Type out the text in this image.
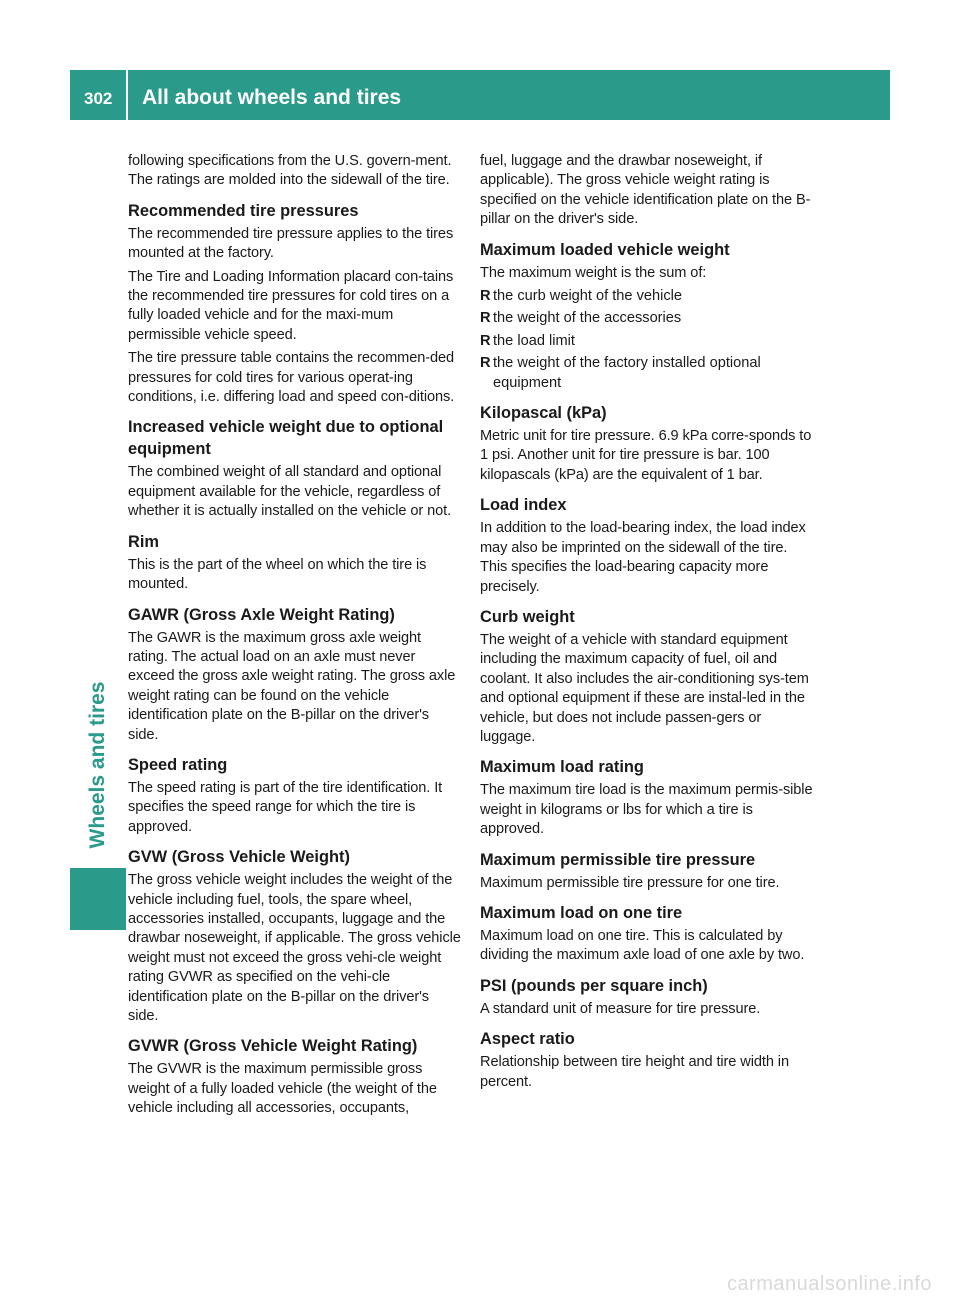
302 All about wheels and tires
Wheels and tires

following specifications from the U.S. govern-ment. The ratings are molded into the sidewall of the tire.

Recommended tire pressures

The recommended tire pressure applies to the tires mounted at the factory.

The Tire and Loading Information placard con-tains the recommended tire pressures for cold tires on a fully loaded vehicle and for the maxi-mum permissible vehicle speed.

The tire pressure table contains the recommen-ded pressures for cold tires for various operat-ing conditions, i.e. differing load and speed con-ditions.

Increased vehicle weight due to optional equipment

The combined weight of all standard and optional equipment available for the vehicle, regardless of whether it is actually installed on the vehicle or not.

Rim

This is the part of the wheel on which the tire is mounted.

GAWR (Gross Axle Weight Rating)

The GAWR is the maximum gross axle weight rating. The actual load on an axle must never exceed the gross axle weight rating. The gross axle weight rating can be found on the vehicle identification plate on the B-pillar on the driver's side.

Speed rating

The speed rating is part of the tire identification. It specifies the speed range for which the tire is approved.

GVW (Gross Vehicle Weight)

The gross vehicle weight includes the weight of the vehicle including fuel, tools, the spare wheel, accessories installed, occupants, luggage and the drawbar noseweight, if applicable. The gross vehicle weight must not exceed the gross vehi-cle weight rating GVWR as specified on the vehi-cle identification plate on the B-pillar on the driver's side.

GVWR (Gross Vehicle Weight Rating)

The GVWR is the maximum permissible gross weight of a fully loaded vehicle (the weight of the vehicle including all accessories, occupants,

fuel, luggage and the drawbar noseweight, if applicable). The gross vehicle weight rating is specified on the vehicle identification plate on the B-pillar on the driver's side.

Maximum loaded vehicle weight

The maximum weight is the sum of:

R the curb weight of the vehicle
R the weight of the accessories
R the load limit
R the weight of the factory installed optional equipment
Kilopascal (kPa)

Metric unit for tire pressure. 6.9 kPa corre-sponds to 1 psi. Another unit for tire pressure is bar. 100 kilopascals (kPa) are the equivalent of 1 bar.

Load index

In addition to the load-bearing index, the load index may also be imprinted on the sidewall of the tire. This specifies the load-bearing capacity more precisely.

Curb weight

The weight of a vehicle with standard equipment including the maximum capacity of fuel, oil and coolant. It also includes the air-conditioning sys-tem and optional equipment if these are instal-led in the vehicle, but does not include passen-gers or luggage.

Maximum load rating

The maximum tire load is the maximum permis-sible weight in kilograms or lbs for which a tire is approved.

Maximum permissible tire pressure

Maximum permissible tire pressure for one tire.

Maximum load on one tire

Maximum load on one tire. This is calculated by dividing the maximum axle load of one axle by two.

PSI (pounds per square inch)

A standard unit of measure for tire pressure.

Aspect ratio

Relationship between tire height and tire width in percent.

carmanualsonline.info
